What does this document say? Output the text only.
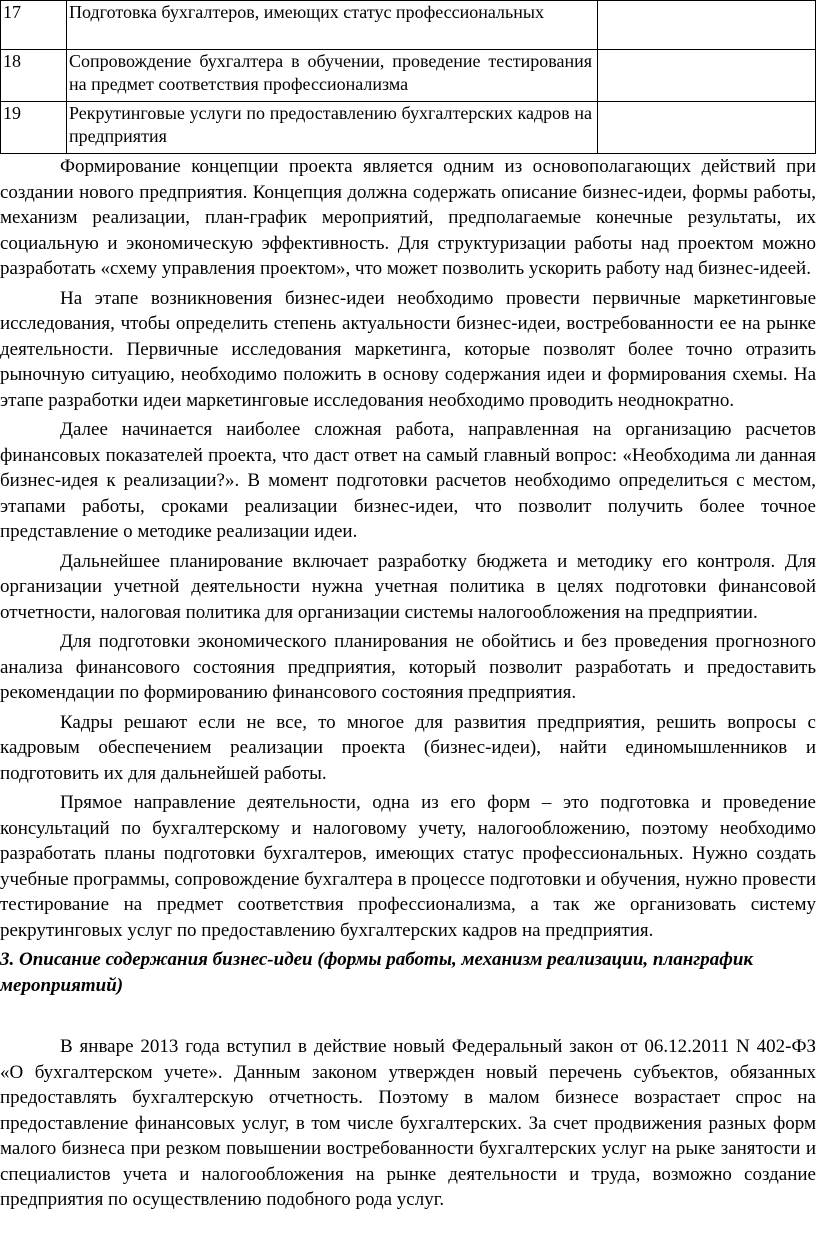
17	Подготовка бухгалтеров, имеющих статус профессиональных	
18	Сопровождение бухгалтера в обучении, проведение тестирования на предмет соответствия профессионализма	
19	Рекрутинговые услуги по предоставлению бухгалтерских кадров на предприятия	

Формирование концепции проекта является одним из основополагающих действий при создании нового предприятия. Концепция должна содержать описание бизнес-идеи, формы работы, механизм реализации, план-график мероприятий, предполагаемые конечные результаты, их социальную и экономическую эффективность. Для структуризации работы над проектом можно разработать «схему управления проектом», что может позволить ускорить работу над бизнес-идеей.

На этапе возникновения бизнес-идеи необходимо провести первичные маркетинговые исследования, чтобы определить степень актуальности бизнес-идеи, востребованности ее на рынке деятельности. Первичные исследования маркетинга, которые позволят более точно отразить рыночную ситуацию, необходимо положить в основу содержания идеи и формирования схемы. На этапе разработки идеи маркетинговые исследования необходимо проводить неоднократно.

Далее начинается наиболее сложная работа, направленная на организацию расчетов финансовых показателей проекта, что даст ответ на самый главный вопрос: «Необходима ли данная бизнес-идея к реализации?». В момент подготовки расчетов необходимо определиться с местом, этапами работы, сроками реализации бизнес-идеи, что позволит получить более точное представление о методике реализации идеи.

Дальнейшее планирование включает разработку бюджета и методику его контроля. Для организации учетной деятельности нужна учетная политика в целях подготовки финансовой отчетности, налоговая политика для организации системы налогообложения на предприятии.

Для подготовки экономического планирования не обойтись и без проведения прогнозного анализа финансового состояния предприятия, который позволит разработать и предоставить рекомендации по формированию финансового состояния предприятия.

Кадры решают если не все, то многое для развития предприятия, решить вопросы с кадровым обеспечением реализации проекта (бизнес-идеи), найти единомышленников и подготовить их для дальнейшей работы.

Прямое направление деятельности, одна из его форм – это подготовка и проведение консультаций по бухгалтерскому и налоговому учету, налогообложению, поэтому необходимо разработать планы подготовки бухгалтеров, имеющих статус профессиональных. Нужно создать учебные программы, сопровождение бухгалтера в процессе подготовки и обучения, нужно провести тестирование на предмет соответствия профессионализма, а так же организовать систему рекрутинговых услуг по предоставлению бухгалтерских кадров на предприятия.

3. Описание содержания бизнес-идеи (формы работы, механизм реализации, планграфик мероприятий)

В январе 2013 года вступил в действие новый Федеральный закон от 06.12.2011 N 402-ФЗ «О бухгалтерском учете». Данным законом утвержден новый перечень субъектов, обязанных предоставлять бухгалтерскую отчетность. Поэтому в малом бизнесе возрастает спрос на предоставление финансовых услуг, в том числе бухгалтерских. За счет продвижения разных форм малого бизнеса при резком повышении востребованности бухгалтерских услуг на рыке занятости и специалистов учета и налогообложения на рынке деятельности и труда, возможно создание предприятия по осуществлению подобного рода услуг.
